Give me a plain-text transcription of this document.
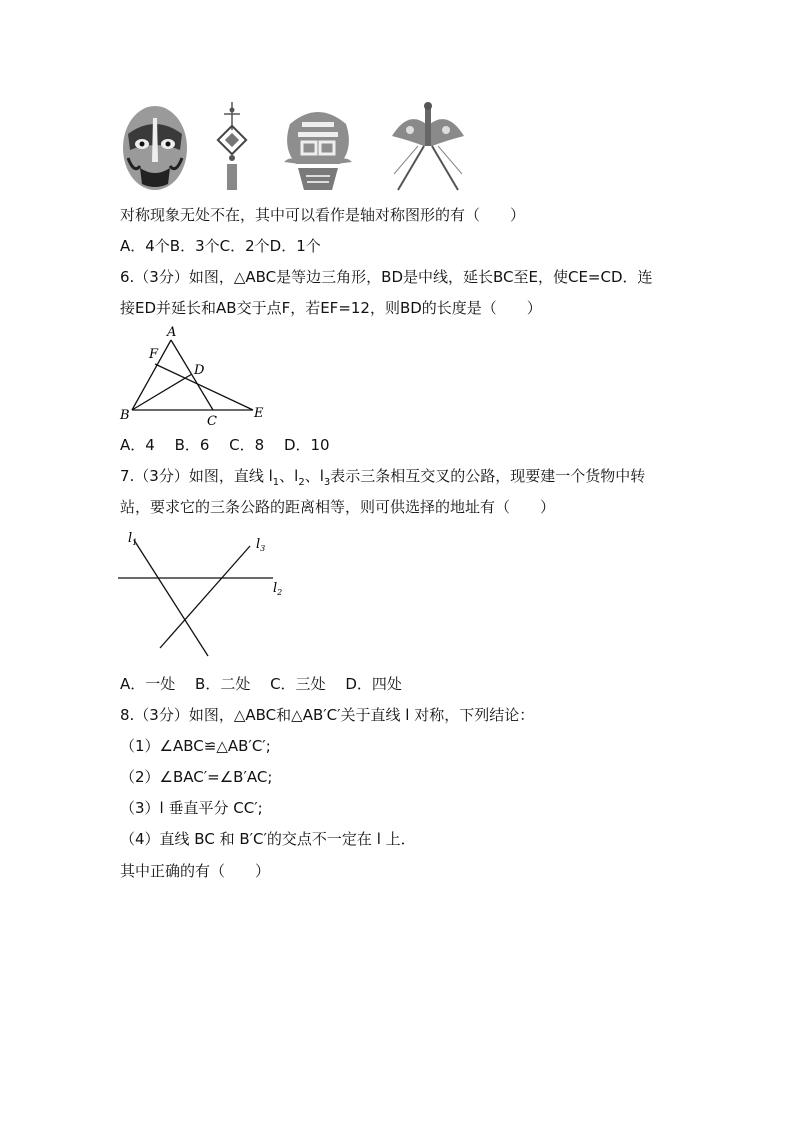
对称现象无处不在，其中可以看作是轴对称图形的有（　　）
A．4个B．3个C．2个D．1个
6.（3分）如图，△ABC是等边三角形，BD是中线，延长BC至E，使CE=CD．连
接ED并延长和AB交于点F，若EF=12，则BD的长度是（　　）
A
F
D
B	C
E
A．4　 B．6　 C．8　 D．10
7.（3分）如图，直线 $l_1$、$l_2$、$l_3$表示三条相互交叉的公路，现要建一个货物中转
站，要求它的三条公路的距离相等，则可供选择的地址有（　　）
$l_1$	$l_3$
$l_2$
A．一处　 B．二处　 C．三处　 D．四处
8.（3分）如图，△ABC和△AB′C′关于直线 l 对称，下列结论：
（1）∠ABC≌△AB′C′;
（2）∠BAC′=∠B′AC;
（3）l 垂直平分 CC′;
（4）直线 BC 和 B′C′的交点不一定在 l 上．
其中正确的有（　　）
